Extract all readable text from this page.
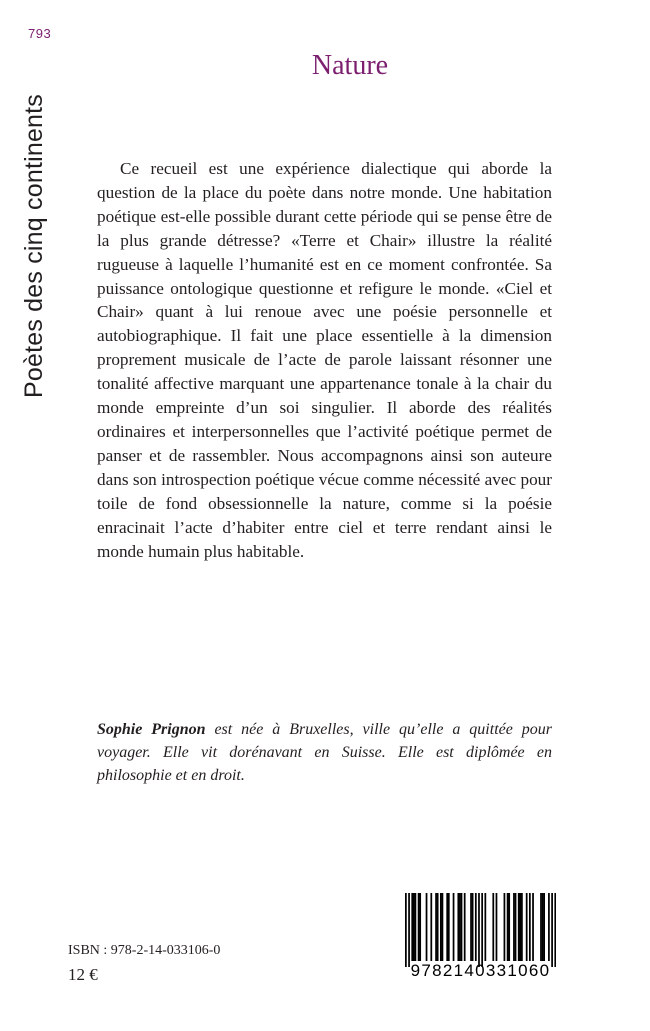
793
Poètes des cinq continents
Nature

Ce recueil est une expérience dialectique qui aborde la question de la place du poète dans notre monde. Une habitation poétique est-elle possible durant cette période qui se pense être de la plus grande détresse? «Terre et Chair» illustre la réalité rugueuse à laquelle l’humanité est en ce moment confrontée. Sa puissance ontologique questionne et refigure le monde. «Ciel et Chair» quant à lui renoue avec une poésie personnelle et autobiographique. Il fait une place essentielle à la dimension proprement musicale de l’acte de parole laissant résonner une tonalité affective marquant une appartenance tonale à la chair du monde empreinte d’un soi singulier. Il aborde des réalités ordinaires et interpersonnelles que l’activité poétique permet de panser et de rassembler. Nous accompagnons ainsi son auteure dans son introspection poétique vécue comme nécessité avec pour toile de fond obsessionnelle la nature, comme si la poésie enracinait l’acte d’habiter entre ciel et terre rendant ainsi le monde humain plus habitable.

Sophie Prignon est née à Bruxelles, ville qu’elle a quittée pour voyager. Elle vit dorénavant en Suisse. Elle est diplômée en philosophie et en droit.

ISBN : 978-2-14-033106-0
12 €	9782140331060
